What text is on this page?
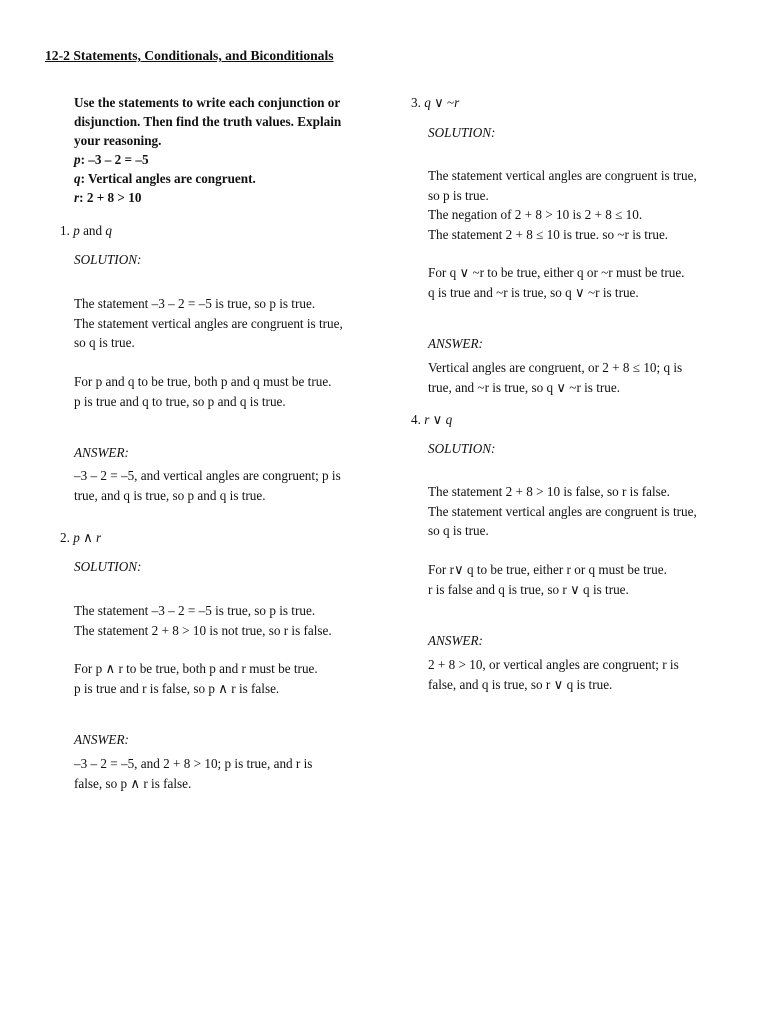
12-2 Statements, Conditionals, and Biconditionals
Use the statements to write each conjunction or
disjunction. Then find the truth values. Explain
your reasoning.
p: –3 – 2 = –5
q: Vertical angles are congruent.
r: 2 + 8 > 10
1. p and q
SOLUTION:
The statement –3 – 2 = –5 is true, so p is true.
The statement vertical angles are congruent is true,
so q is true.
For p and q to be true, both p and q must be true.
p is true and q to true, so p and q is true.
ANSWER:
–3 – 2 = –5, and vertical angles are congruent; p is
true, and q is true, so p and q is true.
2. p ∧ r
SOLUTION:
The statement –3 – 2 = –5 is true, so p is true.
The statement 2 + 8 > 10 is not true, so r is false.
For p ∧ r to be true, both p and r must be true.
p is true and r is false, so p ∧ r is false.
ANSWER:
–3 – 2 = –5, and 2 + 8 > 10; p is true, and r is
false, so p ∧ r is false.
3. q ∨ ~r
SOLUTION:
The statement vertical angles are congruent is true,
so p is true.
The negation of 2 + 8 > 10 is 2 + 8 ≤ 10.
The statement 2 + 8 ≤ 10 is true. so ~r is true.
For q ∨ ~r to be true, either q or ~r must be true.
q is true and ~r is true, so q ∨ ~r is true.
ANSWER:
Vertical angles are congruent, or 2 + 8 ≤ 10; q is
true, and ~r is true, so q ∨ ~r is true.
4. r ∨ q
SOLUTION:
The statement 2 + 8 > 10 is false, so r is false.
The statement vertical angles are congruent is true,
so q is true.
For r∨ q to be true, either r or q must be true.
r is false and q is true, so r ∨ q is true.
ANSWER:
2 + 8 > 10, or vertical angles are congruent; r is
false, and q is true, so r ∨ q is true.
